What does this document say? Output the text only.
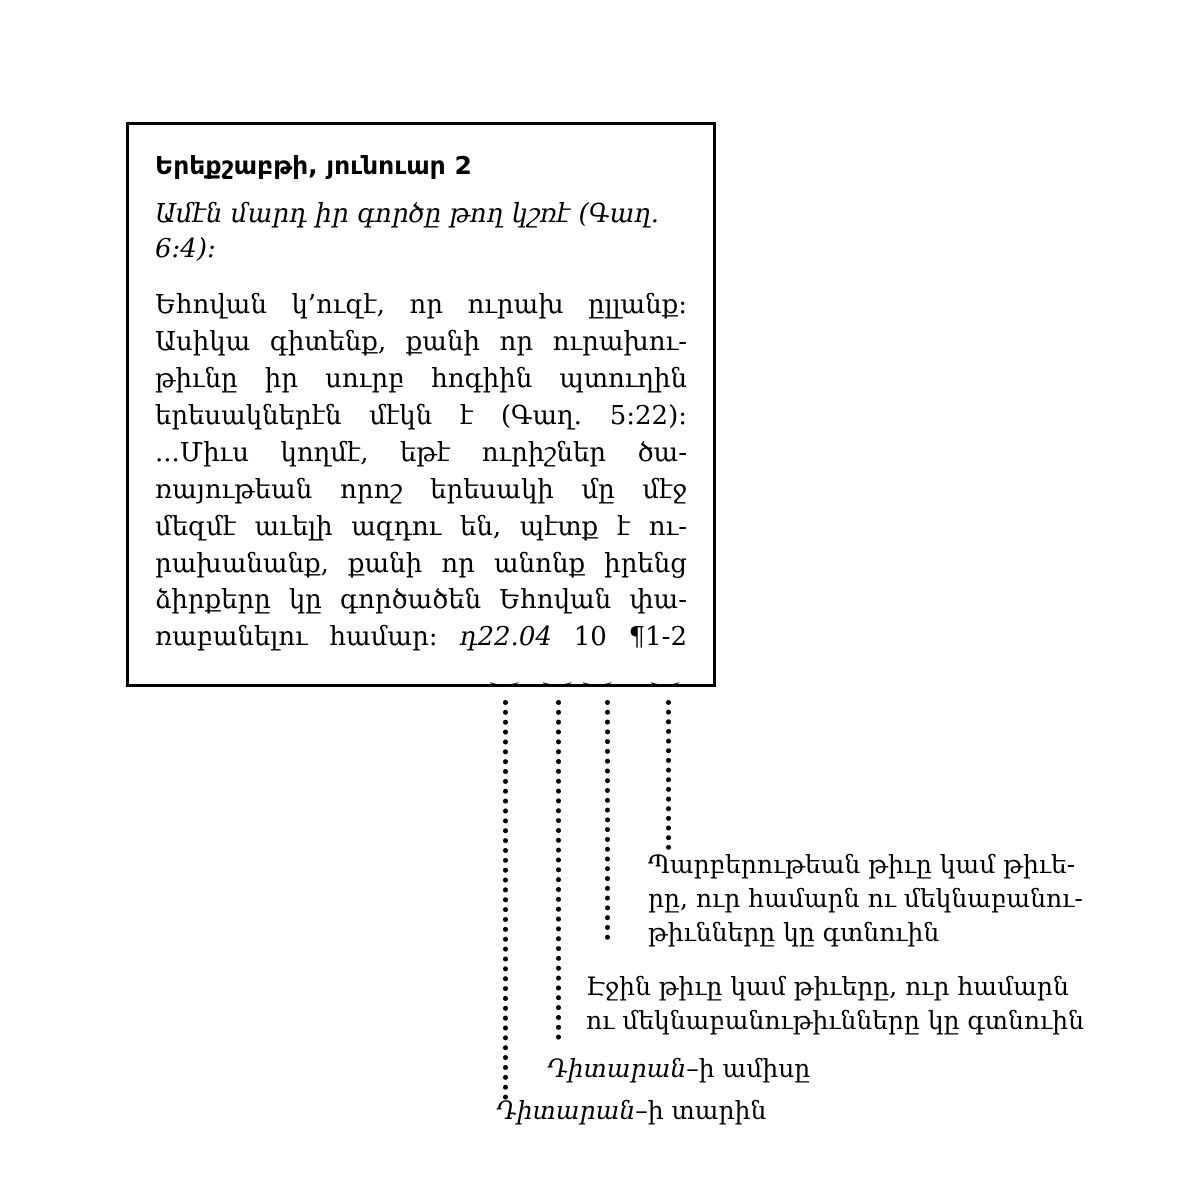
Երեքշաբթի, յունուար 2
Ամէն մարդ իր գործը թող կշռէ (Գաղ. 6:4):
Եհովան կ’ուզէ, որ ուրախ ըլլանք:
Ասիկա գիտենք, քանի որ ուրախու-
թիւնը իր սուրբ հոգիին պտուղին
երեսակներէն մէկն է (Գաղ. 5:22):
...Միւս կողմէ, եթէ ուրիշներ ծա-
ռայութեան որոշ երեսակի մը մէջ
մեզմէ աւելի ազդու են, պէտք է ու-
րախանանք, քանի որ անոնք իրենց
ձիրքերը կը գործածեն Եհովան փա-
ռաբանելու համար: դ22.04 10 ¶1-2
⏝ ⏝ ⏝	⏝
Պարբերութեան թիւը կամ թիւե-
րը, ուր համարն ու մեկնաբանու-
թիւնները կը գտնուին
Էջին թիւը կամ թիւերը, ուր համարն
ու մեկնաբանութիւնները կը գտնուին
Դիտարան–ի ամիսը
Դիտարան–ի տարին
